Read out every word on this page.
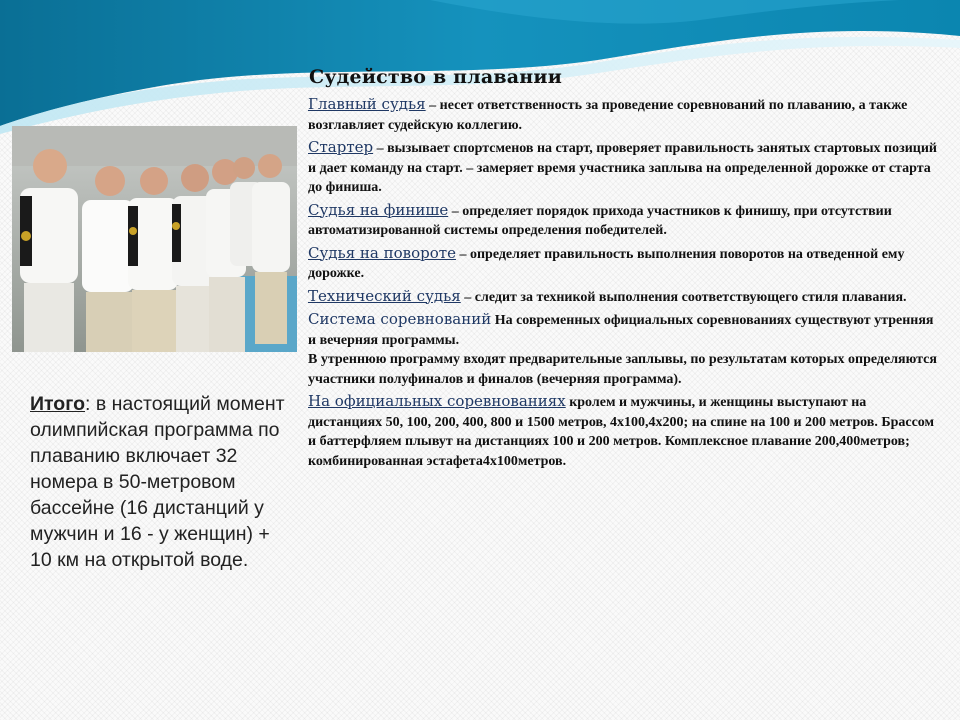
Судейство в плавании

Главный судья – несет ответственность за проведение соревнований по плаванию, а также возглавляет судейскую коллегию.

Стартер – вызывает спортсменов на старт, проверяет правильность занятых стартовых позиций и дает команду на старт. – замеряет время участника заплыва на определенной дорожке от старта до финиша.

Судья на финише – определяет порядок прихода участников к финишу, при отсутствии автоматизированной системы определения победителей.

Судья на повороте – определяет правильность выполнения поворотов на отведенной ему дорожке.

Технический судья – следит за техникой выполнения соответствующего стиля плавания.

Система соревнований На современных официальных соревнованиях существуют утренняя и вечерняя программы.

В утреннюю программу входят предварительные заплывы, по результатам которых определяются участники полуфиналов и финалов (вечерняя программа).

На официальных соревнованиях кролем и мужчины, и женщины выступают на дистанциях 50, 100, 200, 400, 800 и 1500 метров, 4x100,4x200; на спине на 100 и 200 метров. Брассом и баттерфляем плывут на дистанциях 100 и 200 метров. Комплексное плавание 200,400метров; комбинированная эстафета4x100метров.

Итого: в настоящий момент олимпийская программа по плаванию включает 32 номера в 50-метровом бассейне (16 дистанций у мужчин и 16 - у женщин) + 10 км на открытой воде.
